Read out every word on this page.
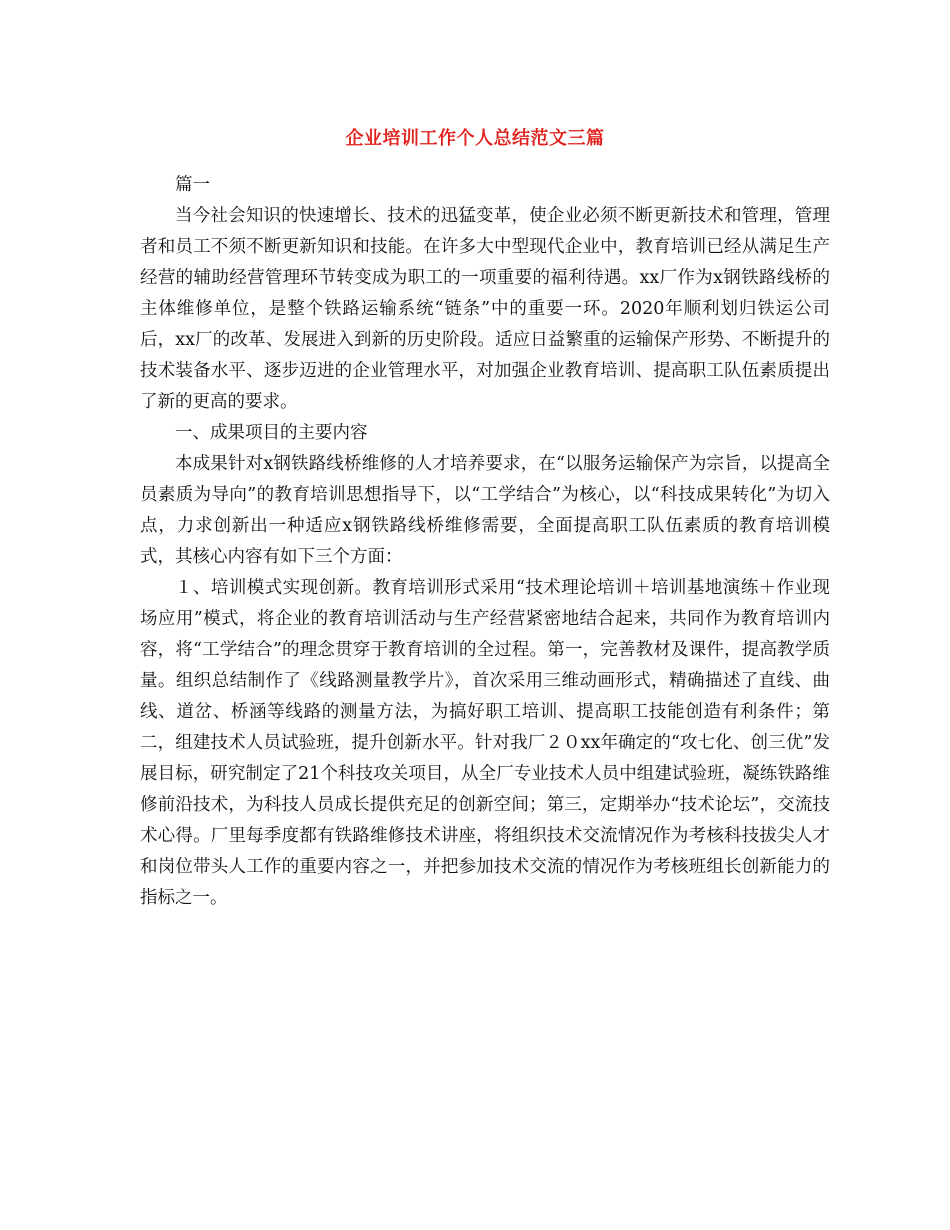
企业培训工作个人总结范文三篇

篇一

当今社会知识的快速增长、技术的迅猛变革，使企业必须不断更新技术和管理，管理者和员工不须不断更新知识和技能。在许多大中型现代企业中，教育培训已经从满足生产经营的辅助经营管理环节转变成为职工的一项重要的福利待遇。xx厂作为x钢铁路线桥的主体维修单位，是整个铁路运输系统“链条”中的重要一环。2020年顺利划归铁运公司后，xx厂的改革、发展进入到新的历史阶段。适应日益繁重的运输保产形势、不断提升的技术装备水平、逐步迈进的企业管理水平，对加强企业教育培训、提高职工队伍素质提出了新的更高的要求。

一、成果项目的主要内容

本成果针对x钢铁路线桥维修的人才培养要求，在“以服务运输保产为宗旨，以提高全员素质为导向”的教育培训思想指导下，以“工学结合”为核心，以“科技成果转化”为切入点，力求创新出一种适应x钢铁路线桥维修需要，全面提高职工队伍素质的教育培训模式，其核心内容有如下三个方面：

１、培训模式实现创新。教育培训形式采用“技术理论培训＋培训基地演练＋作业现场应用”模式，将企业的教育培训活动与生产经营紧密地结合起来，共同作为教育培训内容，将“工学结合”的理念贯穿于教育培训的全过程。第一，完善教材及课件，提高教学质量。组织总结制作了《线路测量教学片》，首次采用三维动画形式，精确描述了直线、曲线、道岔、桥涵等线路的测量方法，为搞好职工培训、提高职工技能创造有利条件；第二，组建技术人员试验班，提升创新水平。针对我厂２０xx年确定的“攻七化、创三优”发展目标，研究制定了21个科技攻关项目，从全厂专业技术人员中组建试验班，凝练铁路维修前沿技术，为科技人员成长提供充足的创新空间；第三，定期举办“技术论坛”，交流技术心得。厂里每季度都有铁路维修技术讲座，将组织技术交流情况作为考核科技拔尖人才和岗位带头人工作的重要内容之一，并把参加技术交流的情况作为考核班组长创新能力的指标之一。
